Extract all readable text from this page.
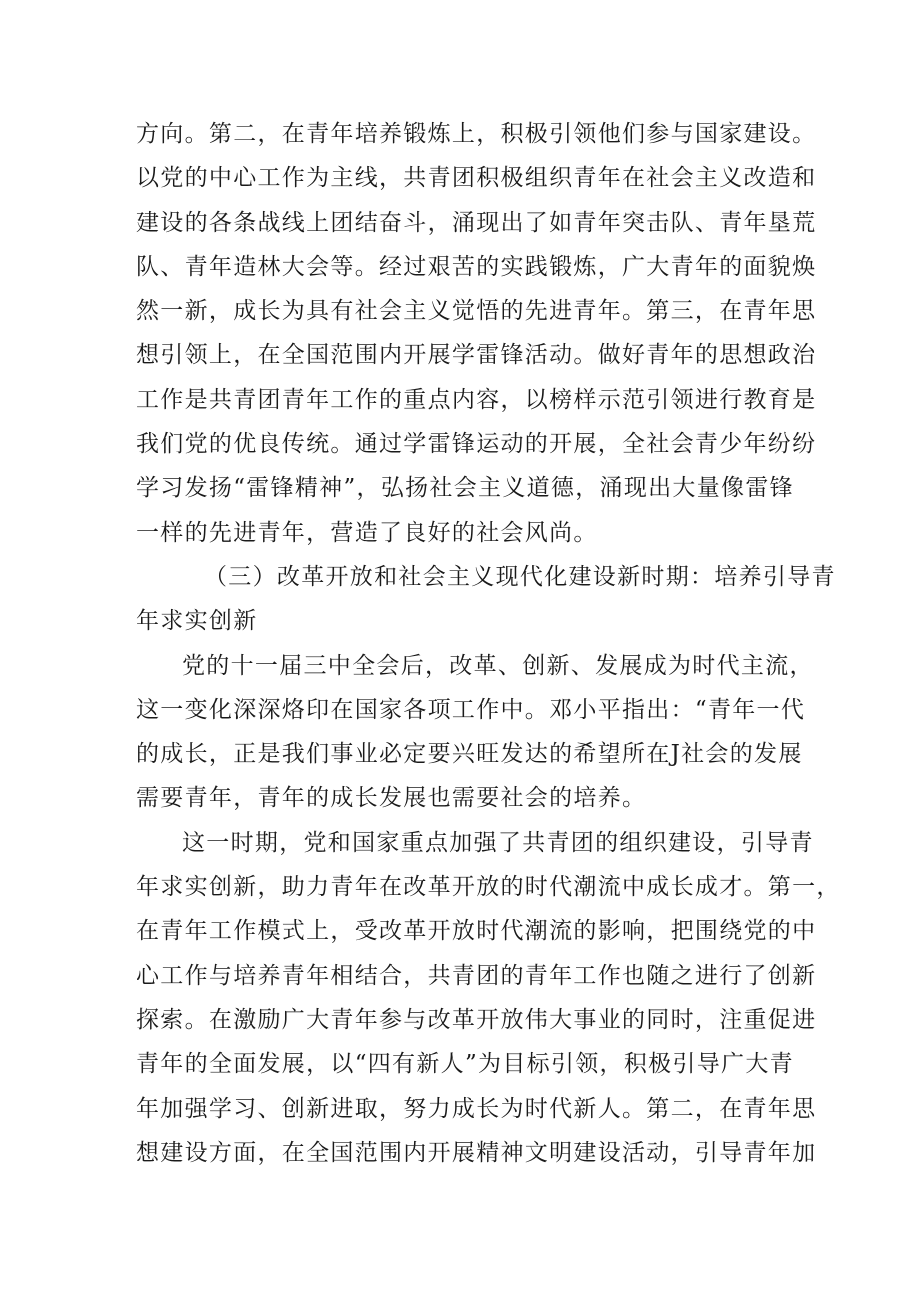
方向。第二，在青年培养锻炼上，积极引领他们参与国家建设。
以党的中心工作为主线，共青团积极组织青年在社会主义改造和
建设的各条战线上团结奋斗，涌现出了如青年突击队、青年垦荒
队、青年造林大会等。经过艰苦的实践锻炼，广大青年的面貌焕
然一新，成长为具有社会主义觉悟的先进青年。第三，在青年思
想引领上，在全国范围内开展学雷锋活动。做好青年的思想政治
工作是共青团青年工作的重点内容，以榜样示范引领进行教育是
我们党的优良传统。通过学雷锋运动的开展，全社会青少年纷纷
学习发扬“雷锋精神”，弘扬社会主义道德，涌现出大量像雷锋
一样的先进青年，营造了良好的社会风尚。
（三）改革开放和社会主义现代化建设新时期：培养引导青
年求实创新
党的十一届三中全会后，改革、创新、发展成为时代主流，
这一变化深深烙印在国家各项工作中。邓小平指出：“青年一代
的成长，正是我们事业必定要兴旺发达的希望所在J社会的发展
需要青年，青年的成长发展也需要社会的培养。
这一时期，党和国家重点加强了共青团的组织建设，引导青
年求实创新，助力青年在改革开放的时代潮流中成长成才。第一，
在青年工作模式上，受改革开放时代潮流的影响，把围绕党的中
心工作与培养青年相结合，共青团的青年工作也随之进行了创新
探索。在激励广大青年参与改革开放伟大事业的同时，注重促进
青年的全面发展，以“四有新人”为目标引领，积极引导广大青
年加强学习、创新进取，努力成长为时代新人。第二，在青年思
想建设方面，在全国范围内开展精神文明建设活动，引导青年加
